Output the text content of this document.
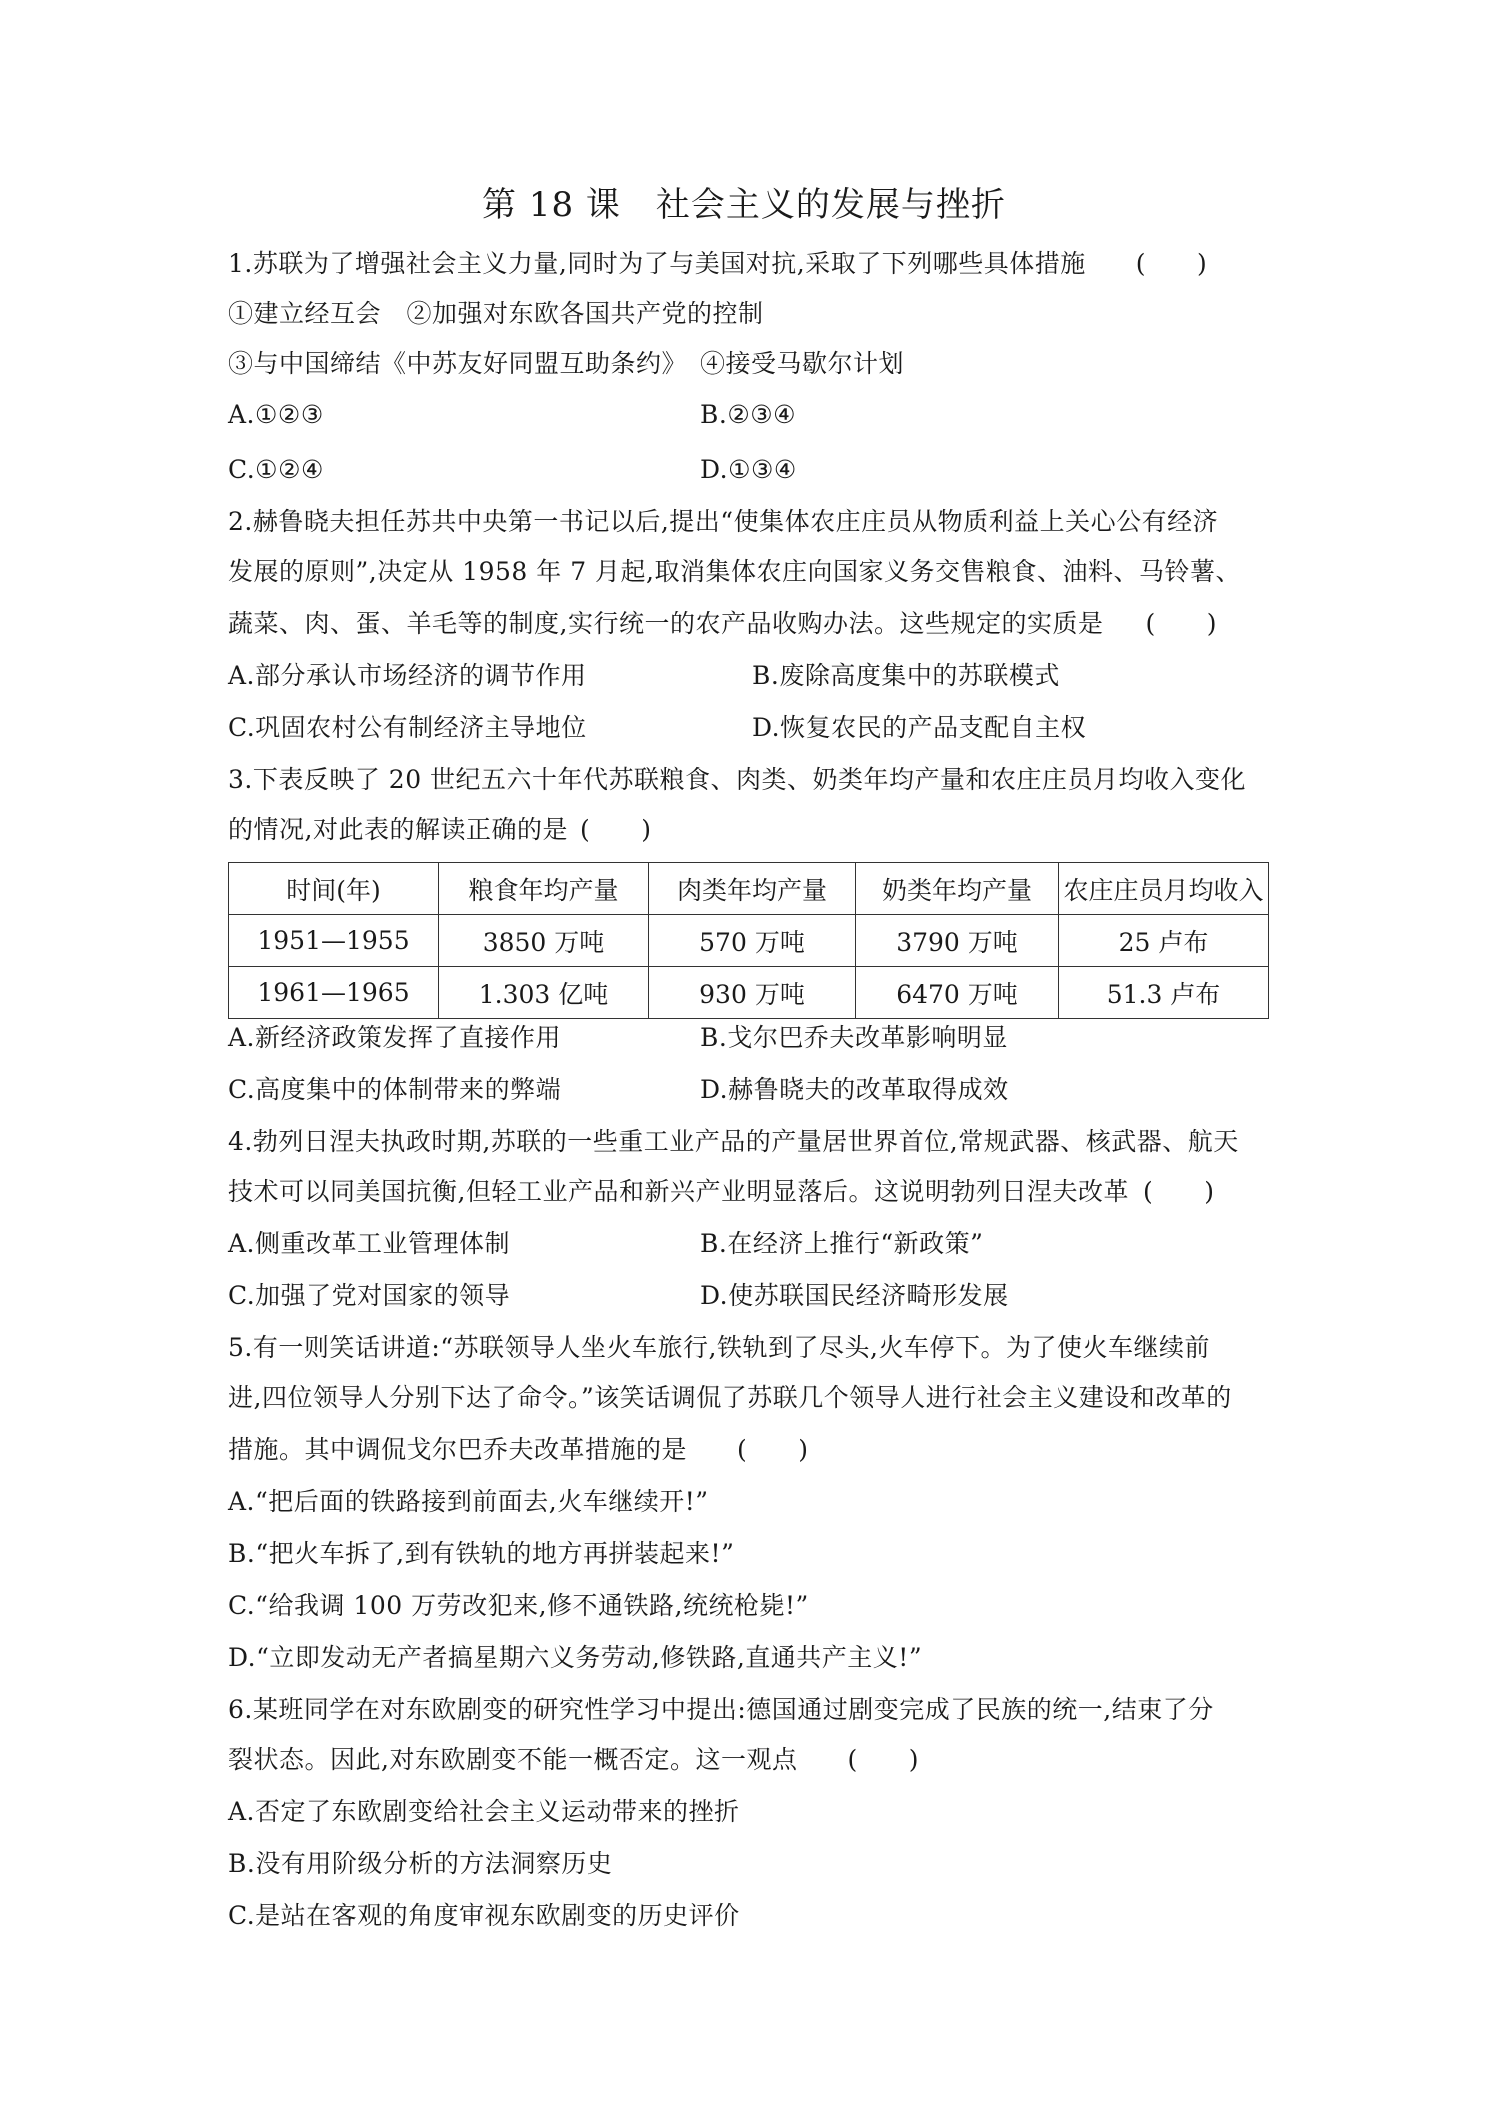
第 18 课　社会主义的发展与挫折
1.苏联为了增强社会主义力量,同时为了与美国对抗,采取了下列哪些具体措施 (　　)
①建立经互会　②加强对东欧各国共产党的控制
③与中国缔结《中苏友好同盟互助条约》　④接受马歇尔计划
A.①②③	B.②③④
C.①②④	D.①③④
2.赫鲁晓夫担任苏共中央第一书记以后,提出“使集体农庄庄员从物质利益上关心公有经济
发展的原则”,决定从 1958 年 7 月起,取消集体农庄向国家义务交售粮食、油料、马铃薯、
蔬菜、肉、蛋、羊毛等的制度,实行统一的农产品收购办法。这些规定的实质是 (　　)
A.部分承认市场经济的调节作用	B.废除高度集中的苏联模式
C.巩固农村公有制经济主导地位	D.恢复农民的产品支配自主权
3.下表反映了 20 世纪五六十年代苏联粮食、肉类、奶类年均产量和农庄庄员月均收入变化
的情况,对此表的解读正确的是 (　　)
时间(年)	粮食年均产量	肉类年均产量	奶类年均产量	农庄庄员月均收入
1951—1955	3850 万吨	570 万吨	3790 万吨	25 卢布
1961—1965	1.303 亿吨	930 万吨	6470 万吨	51.3 卢布
A.新经济政策发挥了直接作用	B.戈尔巴乔夫改革影响明显
C.高度集中的体制带来的弊端	D.赫鲁晓夫的改革取得成效
4.勃列日涅夫执政时期,苏联的一些重工业产品的产量居世界首位,常规武器、核武器、航天
技术可以同美国抗衡,但轻工业产品和新兴产业明显落后。这说明勃列日涅夫改革 (　　)
A.侧重改革工业管理体制	B.在经济上推行“新政策”
C.加强了党对国家的领导	D.使苏联国民经济畸形发展
5.有一则笑话讲道:“苏联领导人坐火车旅行,铁轨到了尽头,火车停下。为了使火车继续前
进,四位领导人分别下达了命令。”该笑话调侃了苏联几个领导人进行社会主义建设和改革的
措施。其中调侃戈尔巴乔夫改革措施的是 (　　)
A.“把后面的铁路接到前面去,火车继续开!”
B.“把火车拆了,到有铁轨的地方再拼装起来!”
C.“给我调 100 万劳改犯来,修不通铁路,统统枪毙!”
D.“立即发动无产者搞星期六义务劳动,修铁路,直通共产主义!”
6.某班同学在对东欧剧变的研究性学习中提出:德国通过剧变完成了民族的统一,结束了分
裂状态。因此,对东欧剧变不能一概否定。这一观点 (　　)
A.否定了东欧剧变给社会主义运动带来的挫折
B.没有用阶级分析的方法洞察历史
C.是站在客观的角度审视东欧剧变的历史评价
